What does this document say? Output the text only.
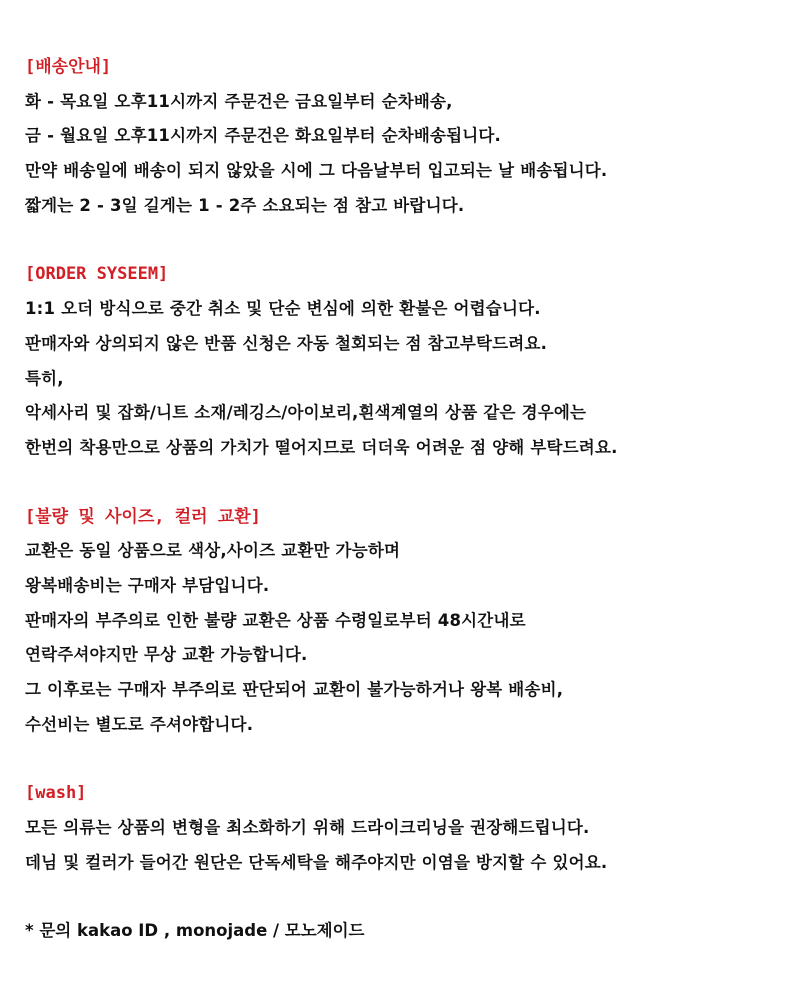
[배송안내]
화 - 목요일 오후11시까지 주문건은 금요일부터 순차배송,
금 - 월요일 오후11시까지 주문건은 화요일부터 순차배송됩니다.
만약 배송일에 배송이 되지 않았을 시에 그 다음날부터 입고되는 날 배송됩니다.
짧게는 2 - 3일 길게는 1 - 2주 소요되는 점 참고 바랍니다.
[ORDER SYSEEM]
1:1 오더 방식으로 중간 취소 및 단순 변심에 의한 환불은 어렵습니다.
판매자와 상의되지 않은 반품 신청은 자동 철회되는 점 참고부탁드려요.
특히,
악세사리 및 잡화/니트 소재/레깅스/아이보리,흰색계열의 상품 같은 경우에는
한번의 착용만으로 상품의 가치가 떨어지므로 더더욱 어려운 점 양해 부탁드려요.
[불량 및 사이즈, 컬러 교환]
교환은 동일 상품으로 색상,사이즈 교환만 가능하며
왕복배송비는 구매자 부담입니다.
판매자의 부주의로 인한 불량 교환은 상품 수령일로부터 48시간내로
연락주셔야지만 무상 교환 가능합니다.
그 이후로는 구매자 부주의로 판단되어 교환이 불가능하거나 왕복 배송비,
수선비는 별도로 주셔야합니다.
[wash]
모든 의류는 상품의 변형을 최소화하기 위해 드라이크리닝을 권장해드립니다.
데님 및 컬러가 들어간 원단은 단독세탁을 해주야지만 이염을 방지할 수 있어요.
* 문의 kakao ID , monojade / 모노제이드
